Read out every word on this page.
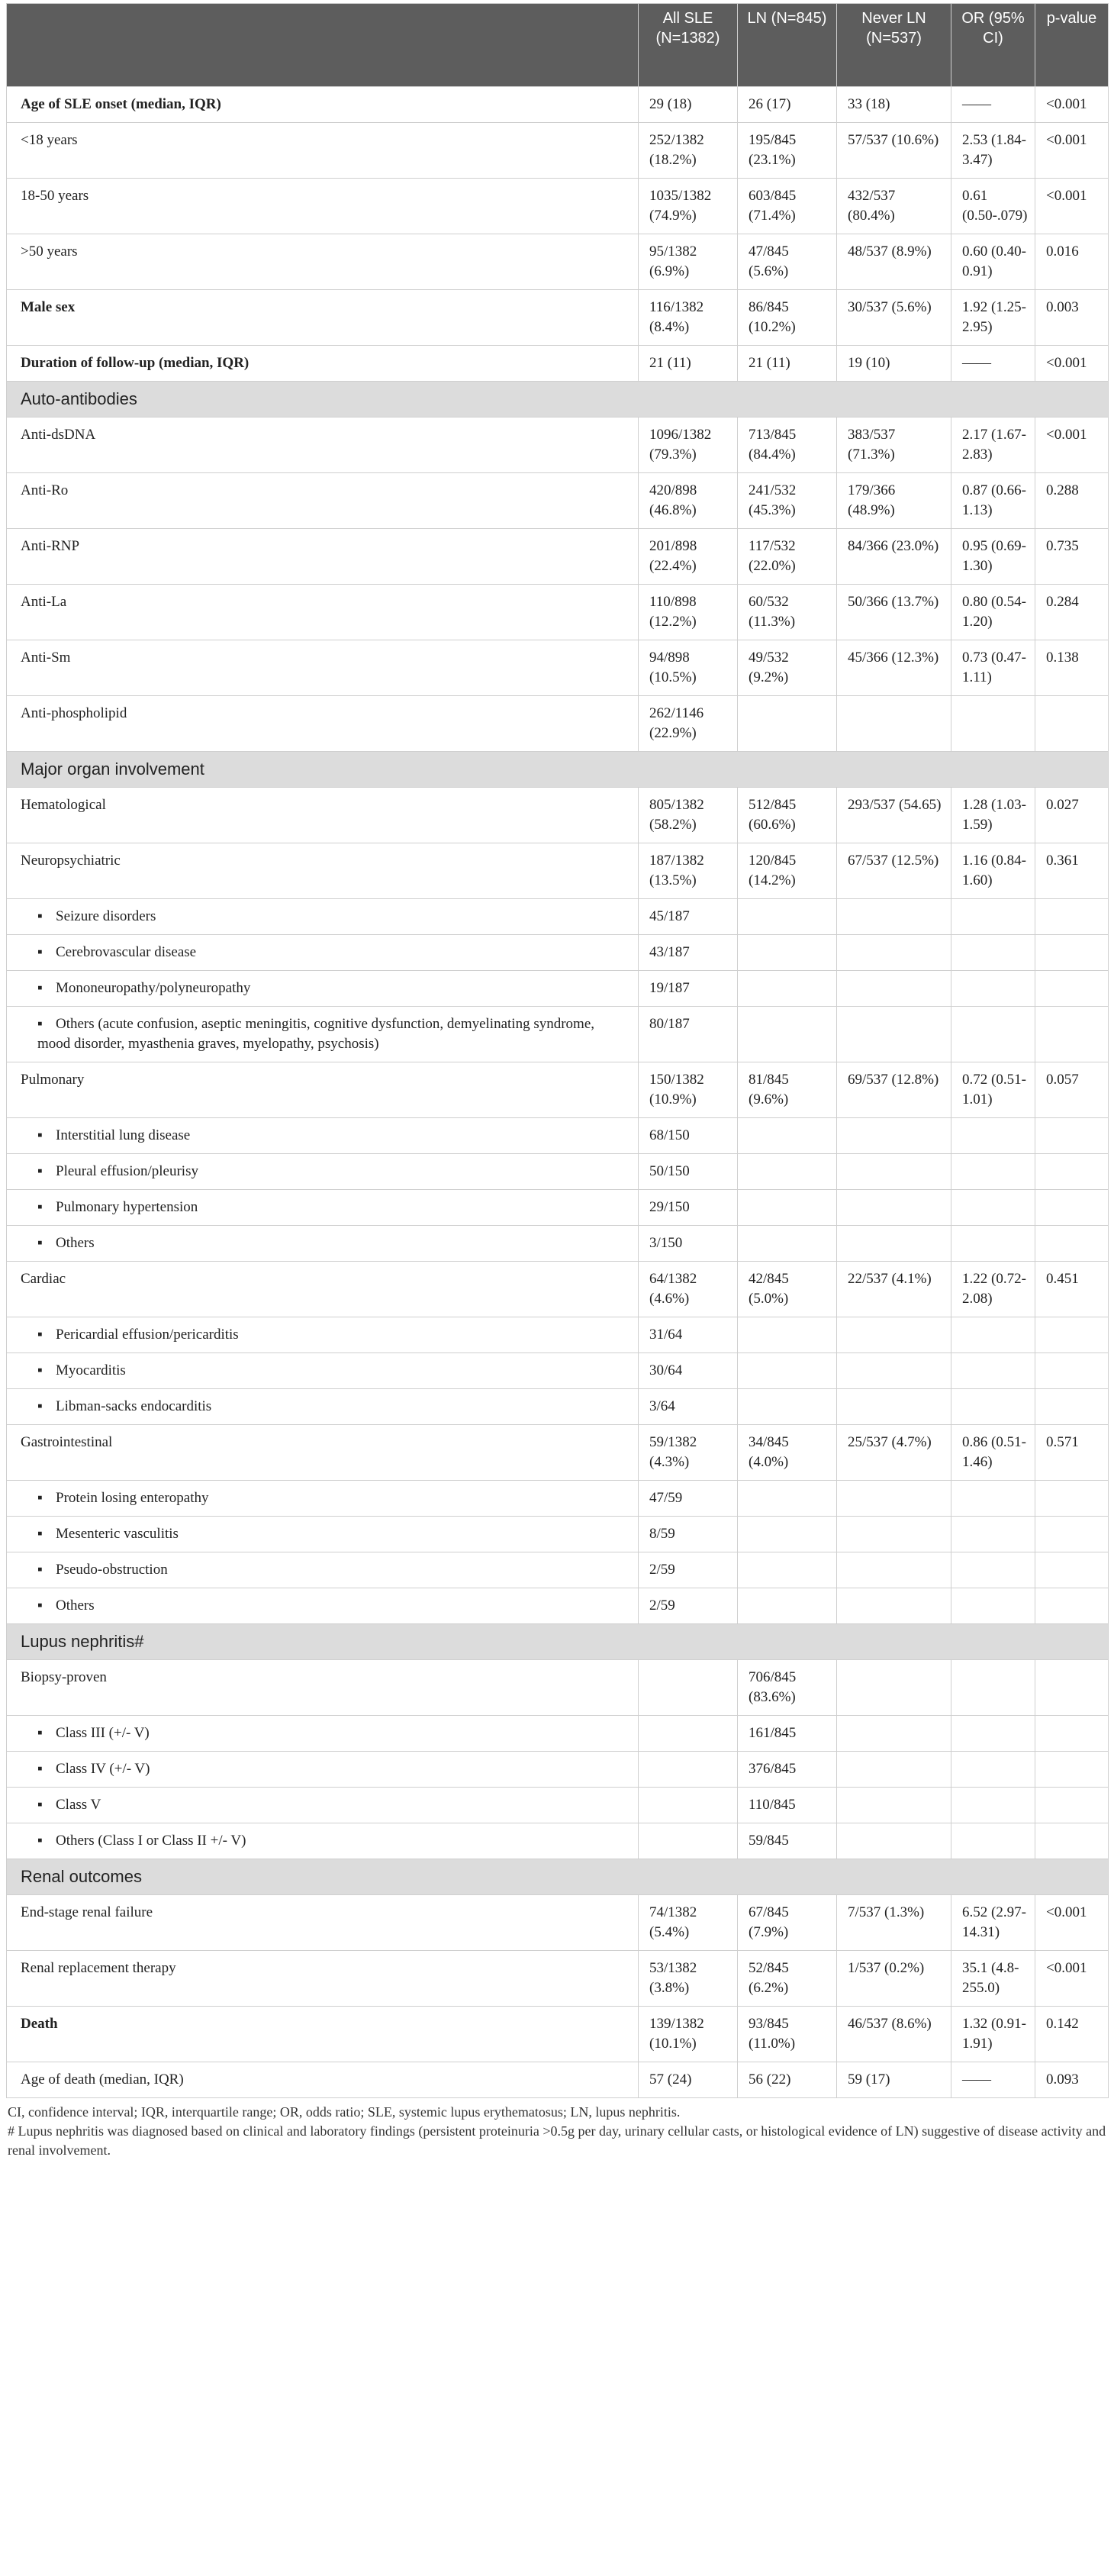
	All SLE (N=1382)	LN (N=845)	Never LN (N=537)	OR (95% CI)	p-value
Age of SLE onset (median, IQR)	29 (18)	26 (17)	33 (18)	––––	<0.001
<18 years	252/1382 (18.2%)	195/845 (23.1%)	57/537 (10.6%)	2.53 (1.84-3.47)	<0.001
18-50 years	1035/1382 (74.9%)	603/845 (71.4%)	432/537 (80.4%)	0.61 (0.50-.079)	<0.001
>50 years	95/1382 (6.9%)	47/845 (5.6%)	48/537 (8.9%)	0.60 (0.40-0.91)	0.016
Male sex	116/1382 (8.4%)	86/845 (10.2%)	30/537 (5.6%)	1.92 (1.25-2.95)	0.003
Duration of follow-up (median, IQR)	21 (11)	21 (11)	19 (10)	––––	<0.001
Auto-antibodies					
Anti-dsDNA	1096/1382 (79.3%)	713/845 (84.4%)	383/537 (71.3%)	2.17 (1.67-2.83)	<0.001
Anti-Ro	420/898 (46.8%)	241/532 (45.3%)	179/366 (48.9%)	0.87 (0.66-1.13)	0.288
Anti-RNP	201/898 (22.4%)	117/532 (22.0%)	84/366 (23.0%)	0.95 (0.69-1.30)	0.735
Anti-La	110/898 (12.2%)	60/532 (11.3%)	50/366 (13.7%)	0.80 (0.54-1.20)	0.284
Anti-Sm	94/898 (10.5%)	49/532 (9.2%)	45/366 (12.3%)	0.73 (0.47-1.11)	0.138
Anti-phospholipid	262/1146 (22.9%)				
Major organ involvement					
Hematological	805/1382 (58.2%)	512/845 (60.6%)	293/537 (54.65)	1.28 (1.03-1.59)	0.027
Neuropsychiatric	187/1382 (13.5%)	120/845 (14.2%)	67/537 (12.5%)	1.16 (0.84-1.60)	0.361
▪ Seizure disorders	45/187				
▪ Cerebrovascular disease	43/187				
▪ Mononeuropathy/polyneuropathy	19/187				
▪ Others (acute confusion, aseptic meningitis, cognitive dysfunction, demyelinating syndrome, mood disorder, myasthenia graves, myelopathy, psychosis)	80/187				
Pulmonary	150/1382 (10.9%)	81/845 (9.6%)	69/537 (12.8%)	0.72 (0.51-1.01)	0.057
▪ Interstitial lung disease	68/150				
▪ Pleural effusion/pleurisy	50/150				
▪ Pulmonary hypertension	29/150				
▪ Others	3/150				
Cardiac	64/1382 (4.6%)	42/845 (5.0%)	22/537 (4.1%)	1.22 (0.72-2.08)	0.451
▪ Pericardial effusion/pericarditis	31/64				
▪ Myocarditis	30/64				
▪ Libman-sacks endocarditis	3/64				
Gastrointestinal	59/1382 (4.3%)	34/845 (4.0%)	25/537 (4.7%)	0.86 (0.51-1.46)	0.571
▪ Protein losing enteropathy	47/59				
▪ Mesenteric vasculitis	8/59				
▪ Pseudo-obstruction	2/59				
▪ Others	2/59				
Lupus nephritis#					
Biopsy-proven		706/845 (83.6%)			
▪ Class III (+/- V)		161/845			
▪ Class IV (+/- V)		376/845			
▪ Class V		110/845			
▪ Others (Class I or Class II +/- V)		59/845			
Renal outcomes					
End-stage renal failure	74/1382 (5.4%)	67/845 (7.9%)	7/537 (1.3%)	6.52 (2.97-14.31)	<0.001
Renal replacement therapy	53/1382 (3.8%)	52/845 (6.2%)	1/537 (0.2%)	35.1 (4.8-255.0)	<0.001
Death	139/1382 (10.1%)	93/845 (11.0%)	46/537 (8.6%)	1.32 (0.91-1.91)	0.142
Age of death (median, IQR)	57 (24)	56 (22)	59 (17)	––––	0.093
CI, confidence interval; IQR, interquartile range; OR, odds ratio; SLE, systemic lupus erythematosus; LN, lupus nephritis.
# Lupus nephritis was diagnosed based on clinical and laboratory findings (persistent proteinuria >0.5g per day, urinary cellular casts, or histological evidence of LN) suggestive of disease activity and renal involvement.
